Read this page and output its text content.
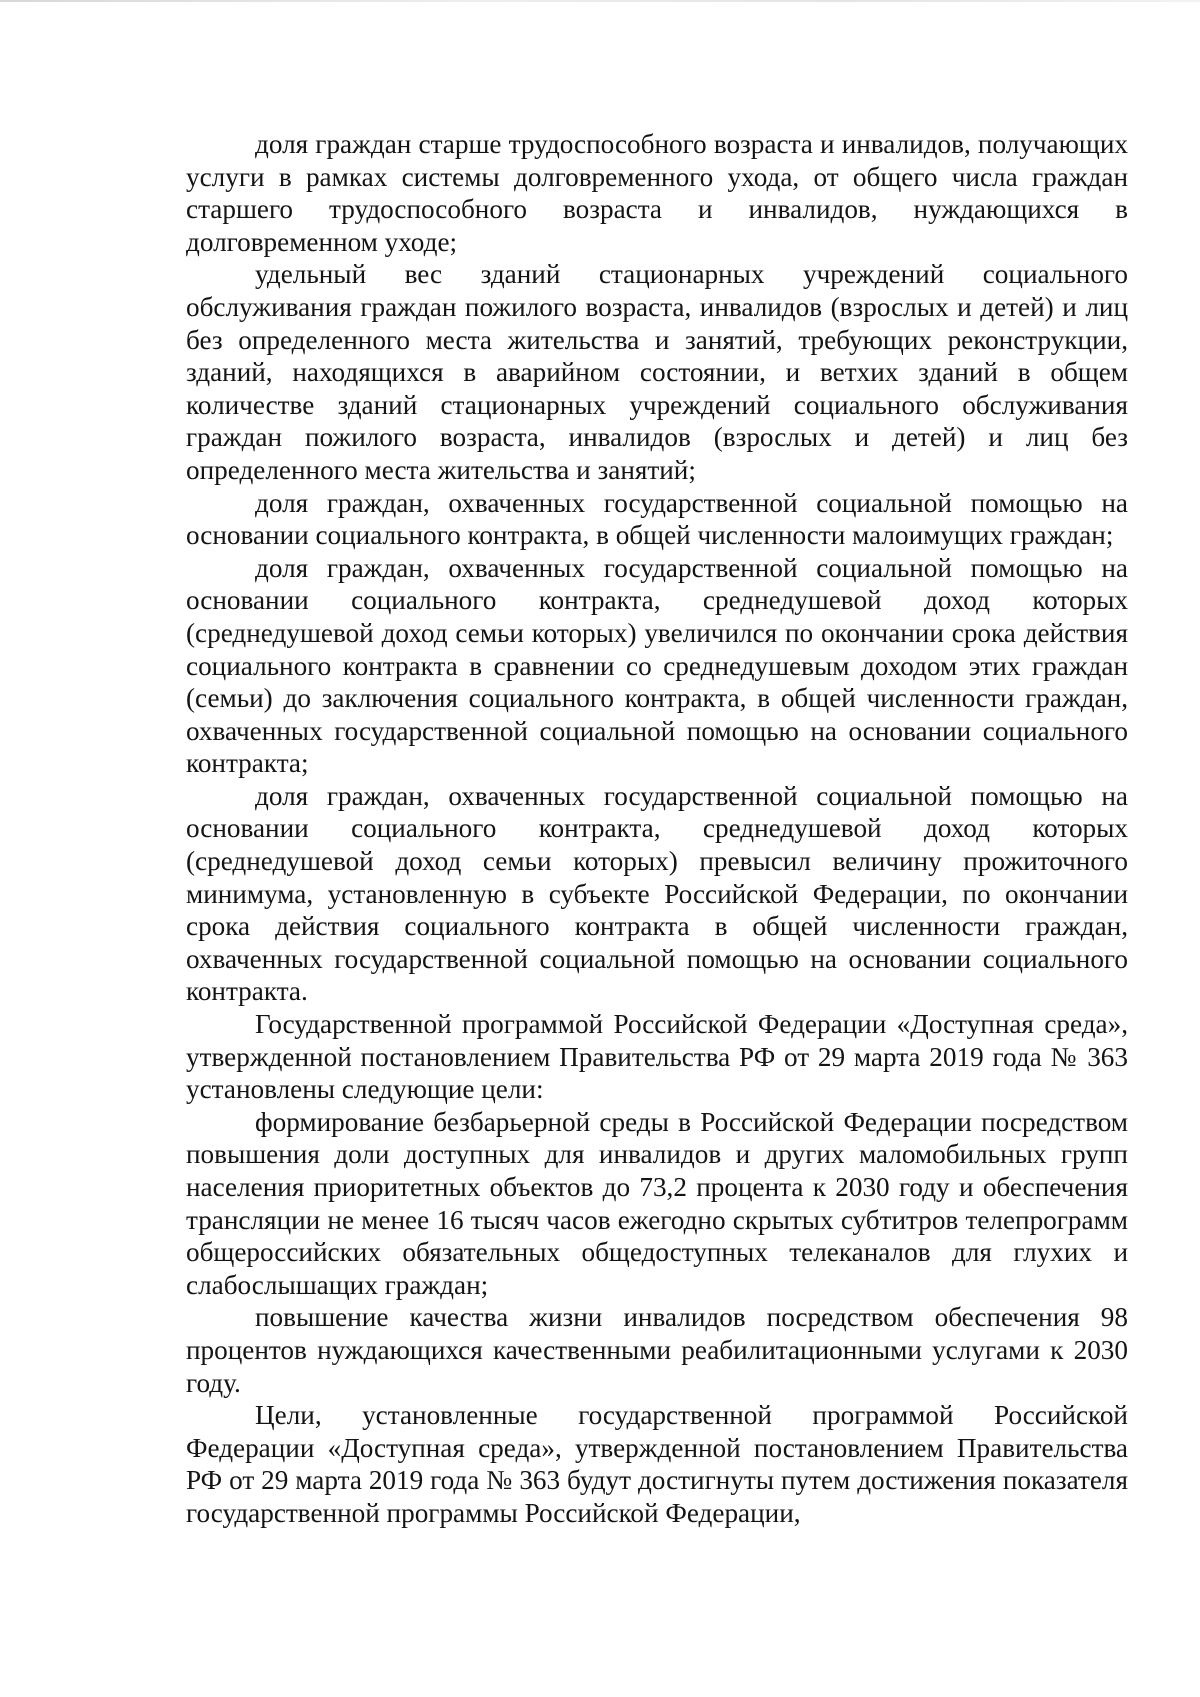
доля граждан старше трудоспособного возраста и инвалидов, получающих услуги в рамках системы долговременного ухода, от общего числа граждан старшего трудоспособного возраста и инвалидов, нуждающихся в долговременном уходе;

удельный вес зданий стационарных учреждений социального обслуживания граждан пожилого возраста, инвалидов (взрослых и детей) и лиц без определенного места жительства и занятий, требующих реконструкции, зданий, находящихся в аварийном состоянии, и ветхих зданий в общем количестве зданий стационарных учреждений социального обслуживания граждан пожилого возраста, инвалидов (взрослых и детей) и лиц без определенного места жительства и занятий;

доля граждан, охваченных государственной социальной помощью на основании социального контракта, в общей численности малоимущих граждан;

доля граждан, охваченных государственной социальной помощью на основании социального контракта, среднедушевой доход которых (среднедушевой доход семьи которых) увеличился по окончании срока действия социального контракта в сравнении со среднедушевым доходом этих граждан (семьи) до заключения социального контракта, в общей численности граждан, охваченных государственной социальной помощью на основании социального контракта;

доля граждан, охваченных государственной социальной помощью на основании социального контракта, среднедушевой доход которых (среднедушевой доход семьи которых) превысил величину прожиточного минимума, установленную в субъекте Российской Федерации, по окончании срока действия социального контракта в общей численности граждан, охваченных государственной социальной помощью на основании социального контракта.

Государственной программой Российской Федерации «Доступная среда», утвержденной постановлением Правительства РФ от 29 марта 2019 года № 363 установлены следующие цели:

формирование безбарьерной среды в Российской Федерации посредством повышения доли доступных для инвалидов и других маломобильных групп населения приоритетных объектов до 73,2 процента к 2030 году и обеспечения трансляции не менее 16 тысяч часов ежегодно скрытых субтитров телепрограмм общероссийских обязательных общедоступных телеканалов для глухих и слабослышащих граждан;

повышение качества жизни инвалидов посредством обеспечения 98 процентов нуждающихся качественными реабилитационными услугами к 2030 году.

Цели, установленные государственной программой Российской Федерации «Доступная среда», утвержденной постановлением Правительства РФ от 29 марта 2019 года № 363 будут достигнуты путем достижения показателя государственной программы Российской Федерации,
